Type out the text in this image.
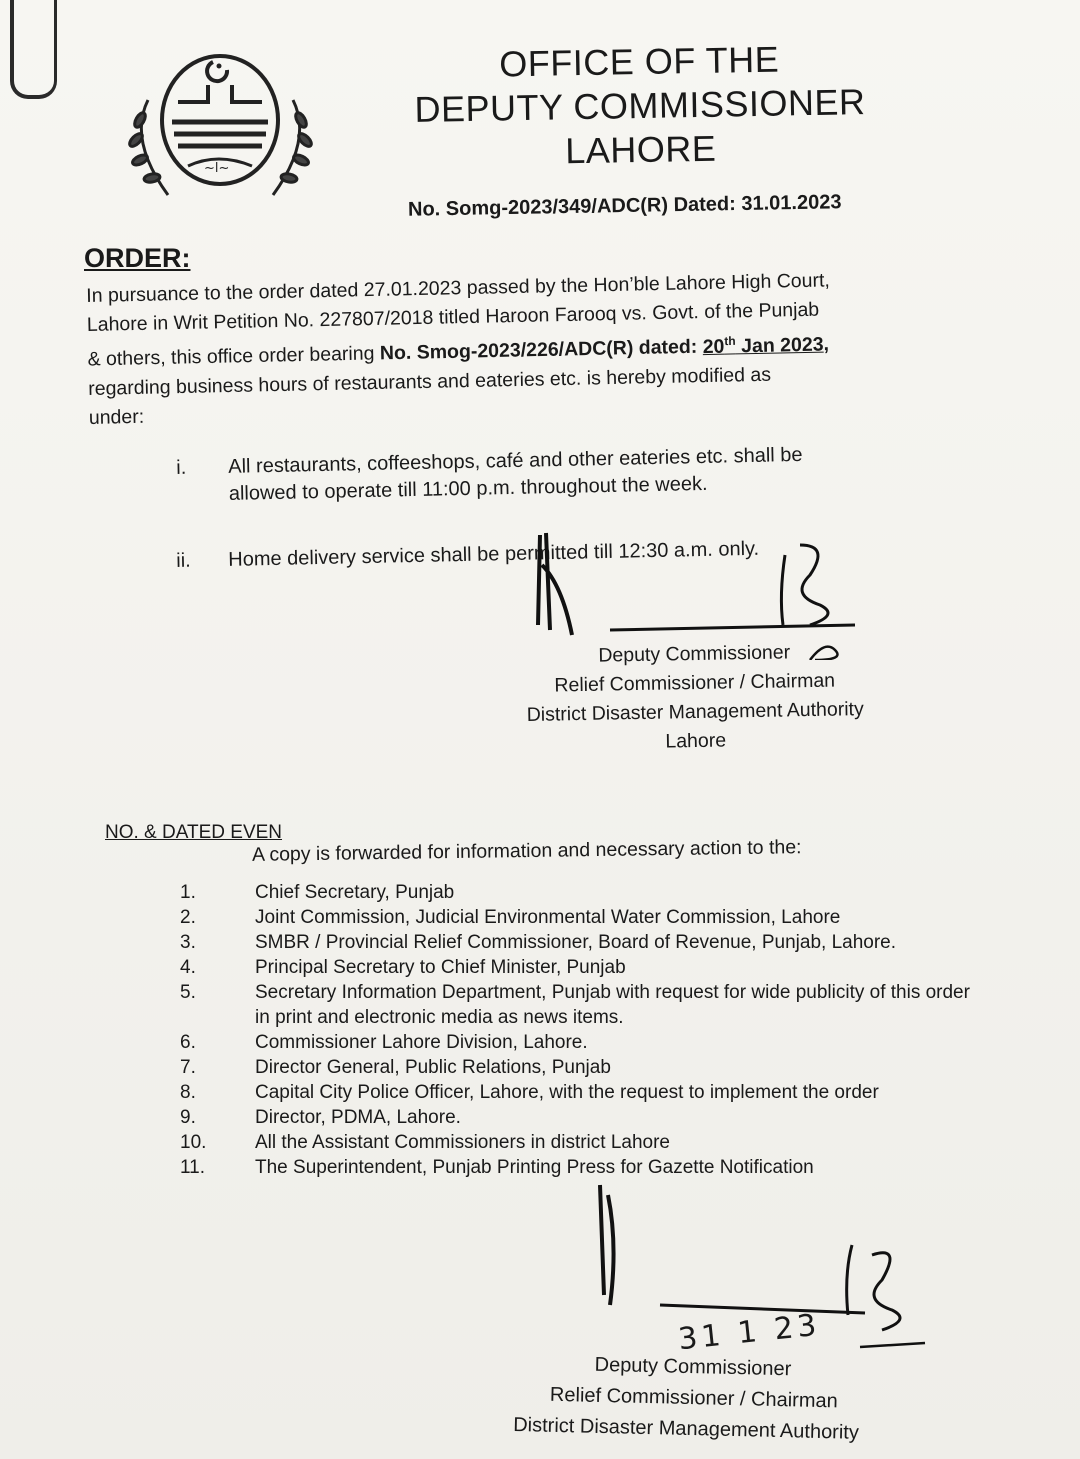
~ا~
OFFICE OF THE
DEPUTY COMMISSIONER
LAHORE
No. Somg-2023/349/ADC(R) Dated: 31.01.2023
ORDER:
In pursuance to the order dated 27.01.2023 passed by the Hon’ble Lahore High Court,
Lahore in Writ Petition No. 227807/2018 titled Haroon Farooq vs. Govt. of the Punjab
& others, this office order bearing No. Smog-2023/226/ADC(R) dated: 20th Jan 2023,
regarding business hours of restaurants and eateries etc. is hereby modified as
under:
i. All restaurants, coffeeshops, café and other eateries etc. shall be allowed to operate till 11:00 p.m. throughout the week.
ii. Home delivery service shall be permitted till 12:30 a.m. only.
Deputy Commissioner
Relief Commissioner / Chairman
District Disaster Management Authority
Lahore
NO. & DATED EVEN
A copy is forwarded for information and necessary action to the:
1.	Chief Secretary, Punjab
2.	Joint Commission, Judicial Environmental Water Commission, Lahore
3.	SMBR / Provincial Relief Commissioner, Board of Revenue, Punjab, Lahore.
4.	Principal Secretary to Chief Minister, Punjab
5.	Secretary Information Department, Punjab with request for wide publicity of this order in print and electronic media as news items.
6.	Commissioner Lahore Division, Lahore.
7.	Director General, Public Relations, Punjab
8.	Capital City Police Officer, Lahore, with the request to implement the order
9.	Director, PDMA, Lahore.
10.	All the Assistant Commissioners in district Lahore
11.	The Superintendent, Punjab Printing Press for Gazette Notification
31 1 23
Deputy Commissioner
Relief Commissioner / Chairman
District Disaster Management Authority
